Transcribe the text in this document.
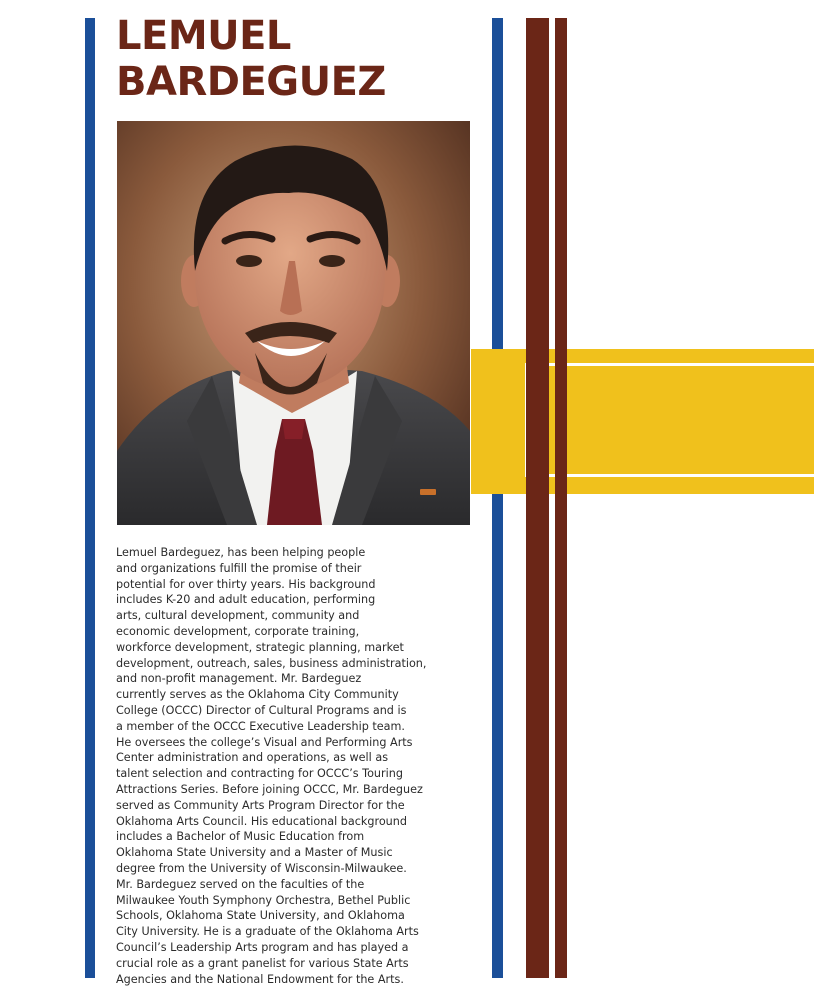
LEMUEL
BARDEGUEZ

Lemuel Bardeguez, has been helping people
and organizations fulfill the promise of their
potential for over thirty years. His background
includes K-20 and adult education, performing
arts, cultural development, community and
economic development, corporate training,
workforce development, strategic planning, market
development, outreach, sales, business administration,
and non-profit management. Mr. Bardeguez
currently serves as the Oklahoma City Community
College (OCCC) Director of Cultural Programs and is
a member of the OCCC Executive Leadership team.
He oversees the college’s Visual and Performing Arts
Center administration and operations, as well as
talent selection and contracting for OCCC’s Touring
Attractions Series. Before joining OCCC, Mr. Bardeguez
served as Community Arts Program Director for the
Oklahoma Arts Council. His educational background
includes a Bachelor of Music Education from
Oklahoma State University and a Master of Music
degree from the University of Wisconsin-Milwaukee.
Mr. Bardeguez served on the faculties of the
Milwaukee Youth Symphony Orchestra, Bethel Public
Schools, Oklahoma State University, and Oklahoma
City University. He is a graduate of the Oklahoma Arts
Council’s Leadership Arts program and has played a
crucial role as a grant panelist for various State Arts
Agencies and the National Endowment for the Arts.
